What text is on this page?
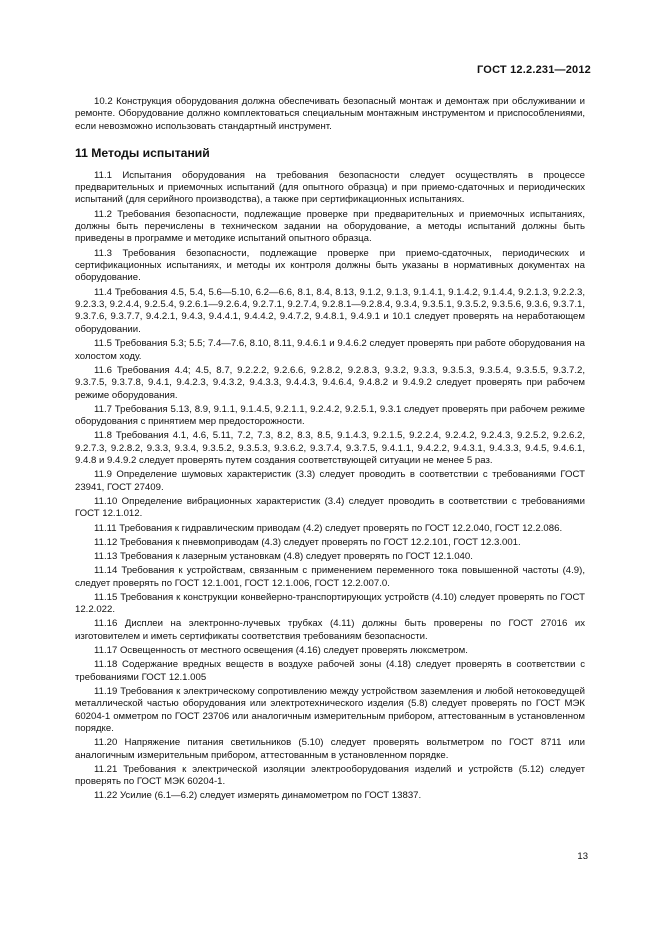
ГОСТ 12.2.231—2012

10.2 Конструкция оборудования должна обеспечивать безопасный монтаж и демонтаж при обслуживании и ремонте. Оборудование должно комплектоваться специальным монтажным инструментом и приспособлениями, если невозможно использовать стандартный инструмент.

11 Методы испытаний

11.1 Испытания оборудования на требования безопасности следует осуществлять в процессе предварительных и приемочных испытаний (для опытного образца) и при приемо-сдаточных и периодических испытаний (для серийного производства), а также при сертификационных испытаниях.

11.2 Требования безопасности, подлежащие проверке при предварительных и приемочных испытаниях, должны быть перечислены в техническом задании на оборудование, а методы испытаний должны быть приведены в программе и методике испытаний опытного образца.

11.3 Требования безопасности, подлежащие проверке при приемо-сдаточных, периодических и сертификационных испытаниях, и методы их контроля должны быть указаны в нормативных документах на оборудование.

11.4 Требования 4.5, 5.4, 5.6—5.10, 6.2—6.6, 8.1, 8.4, 8.13, 9.1.2, 9.1.3, 9.1.4.1, 9.1.4.2, 9.1.4.4, 9.2.1.3, 9.2.2.3, 9.2.3.3, 9.2.4.4, 9.2.5.4, 9.2.6.1—9.2.6.4, 9.2.7.1, 9.2.7.4, 9.2.8.1—9.2.8.4, 9.3.4, 9.3.5.1, 9.3.5.2, 9.3.5.6, 9.3.6, 9.3.7.1, 9.3.7.6, 9.3.7.7, 9.4.2.1, 9.4.3, 9.4.4.1, 9.4.4.2, 9.4.7.2, 9.4.8.1, 9.4.9.1 и 10.1 следует проверять на неработающем оборудовании.

11.5 Требования 5.3; 5.5; 7.4—7.6, 8.10, 8.11, 9.4.6.1 и 9.4.6.2 следует проверять при работе оборудования на холостом ходу.

11.6 Требования 4.4; 4.5, 8.7, 9.2.2.2, 9.2.6.6, 9.2.8.2, 9.2.8.3, 9.3.2, 9.3.3, 9.3.5.3, 9.3.5.4, 9.3.5.5, 9.3.7.2, 9.3.7.5, 9.3.7.8, 9.4.1, 9.4.2.3, 9.4.3.2, 9.4.3.3, 9.4.4.3, 9.4.6.4, 9.4.8.2 и 9.4.9.2 следует проверять при рабочем режиме оборудования.

11.7 Требования 5.13, 8.9, 9.1.1, 9.1.4.5, 9.2.1.1, 9.2.4.2, 9.2.5.1, 9.3.1 следует проверять при рабочем режиме оборудования с принятием мер предосторожности.

11.8 Требования 4.1, 4.6, 5.11, 7.2, 7.3, 8.2, 8.3, 8.5, 9.1.4.3, 9.2.1.5, 9.2.2.4, 9.2.4.2, 9.2.4.3, 9.2.5.2, 9.2.6.2, 9.2.7.3, 9.2.8.2, 9.3.3, 9.3.4, 9.3.5.2, 9.3.5.3, 9.3.6.2, 9.3.7.4, 9.3.7.5, 9.4.1.1, 9.4.2.2, 9.4.3.1, 9.4.3.3, 9.4.5, 9.4.6.1, 9.4.8 и 9.4.9.2 следует проверять путем создания соответствующей ситуации не менее 5 раз.

11.9 Определение шумовых характеристик (3.3) следует проводить в соответствии с требованиями ГОСТ 23941, ГОСТ 27409.

11.10 Определение вибрационных характеристик (3.4) следует проводить в соответствии с требованиями ГОСТ 12.1.012.

11.11 Требования к гидравлическим приводам (4.2) следует проверять по ГОСТ 12.2.040, ГОСТ 12.2.086.

11.12 Требования к пневмоприводам (4.3) следует проверять по ГОСТ 12.2.101, ГОСТ 12.3.001.

11.13 Требования к лазерным установкам (4.8) следует проверять по ГОСТ 12.1.040.

11.14 Требования к устройствам, связанным с применением переменного тока повышенной частоты (4.9), следует проверять по ГОСТ 12.1.001, ГОСТ 12.1.006, ГОСТ 12.2.007.0.

11.15 Требования к конструкции конвейерно-транспортирующих устройств (4.10) следует проверять по ГОСТ 12.2.022.

11.16 Дисплеи на электронно-лучевых трубках (4.11) должны быть проверены по ГОСТ 27016 их изготовителем и иметь сертификаты соответствия требованиям безопасности.

11.17 Освещенность от местного освещения (4.16) следует проверять люксметром.

11.18 Содержание вредных веществ в воздухе рабочей зоны (4.18) следует проверять в соответствии с требованиями ГОСТ 12.1.005

11.19 Требования к электрическому сопротивлению между устройством заземления и любой нетоковедущей металлической частью оборудования или электротехнического изделия (5.8) следует проверять по ГОСТ МЭК 60204-1 омметром по ГОСТ 23706 или аналогичным измерительным прибором, аттестованным в установленном порядке.

11.20 Напряжение питания светильников (5.10) следует проверять вольтметром по ГОСТ 8711 или аналогичным измерительным прибором, аттестованным в установленном порядке.

11.21 Требования к электрической изоляции электрооборудования изделий и устройств (5.12) следует проверять по ГОСТ МЭК 60204-1.

11.22 Усилие (6.1—6.2) следует измерять динамометром по ГОСТ 13837.

13
